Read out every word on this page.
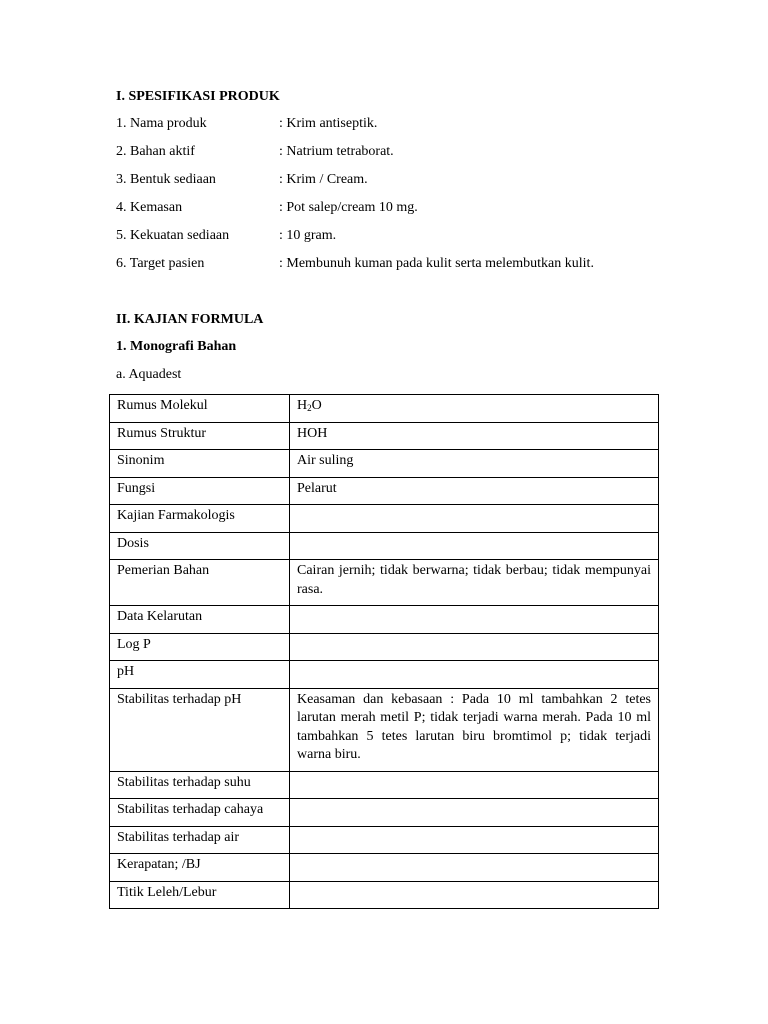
I. SPESIFIKASI PRODUK
1. Nama produk	: Krim antiseptik.
2. Bahan aktif	: Natrium tetraborat.
3. Bentuk sediaan	: Krim / Cream.
4. Kemasan	: Pot salep/cream 10 mg.
5. Kekuatan sediaan	: 10 gram.
6. Target pasien	: Membunuh kuman pada kulit serta melembutkan kulit.
II. KAJIAN FORMULA
1. Monografi Bahan
a. Aquadest
Rumus Molekul	$H_2O$
Rumus Struktur	HOH
Sinonim	Air suling
Fungsi	Pelarut
Kajian Farmakologis	
Dosis	
Pemerian Bahan	Cairan jernih; tidak berwarna; tidak berbau; tidak mempunyai rasa.
Data Kelarutan	
Log P	
pH	
Stabilitas terhadap pH	Keasaman dan kebasaan : Pada 10 ml tambahkan 2 tetes larutan merah metil P; tidak terjadi warna merah. Pada 10 ml tambahkan 5 tetes larutan biru bromtimol p; tidak terjadi warna biru.
Stabilitas terhadap suhu	
Stabilitas terhadap cahaya	
Stabilitas terhadap air	
Kerapatan; /BJ	
Titik Leleh/Lebur	
